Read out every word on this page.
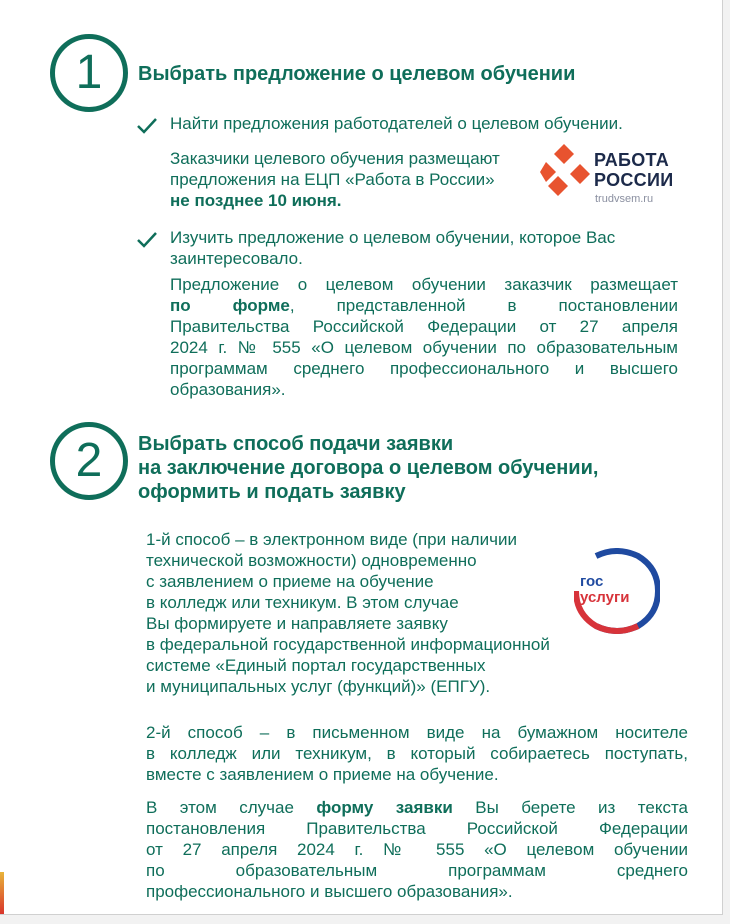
1 Выбрать предложение о целевом обучении
Найти предложения работодателей о целевом обучении.
Заказчики целевого обучения размещают
предложения на ЕЦП «Работа в России»
не позднее 10 июня.
РАБОТА
РОССИИ
trudvsem.ru
Изучить предложение о целевом обучении, которое Вас
заинтересовало.
Предложение о целевом обучении заказчик размещает
по форме, представленной в постановлении
Правительства Российской Федерации от 27 апреля
2024 г. № 555 «О целевом обучении по образовательным
программам среднего профессионального и высшего
образования».
2 Выбрать способ подачи заявки
на заключение договора о целевом обучении,
оформить и подать заявку
1-й способ – в электронном виде (при наличии
технической возможности) одновременно
с заявлением о приеме на обучение
в колледж или техникум. В этом случае
Вы формируете и направляете заявку
в федеральной государственной информационной
системе «Единый портал государственных
и муниципальных услуг (функций)» (ЕПГУ).
гос
услуги
2-й способ – в письменном виде на бумажном носителе
в колледж или техникум, в который собираетесь поступать,
вместе с заявлением о приеме на обучение.
В этом случае форму заявки Вы берете из текста
постановления Правительства Российской Федерации
от 27 апреля 2024 г. № 555 «О целевом обучении
по образовательным программам среднего
профессионального и высшего образования».
